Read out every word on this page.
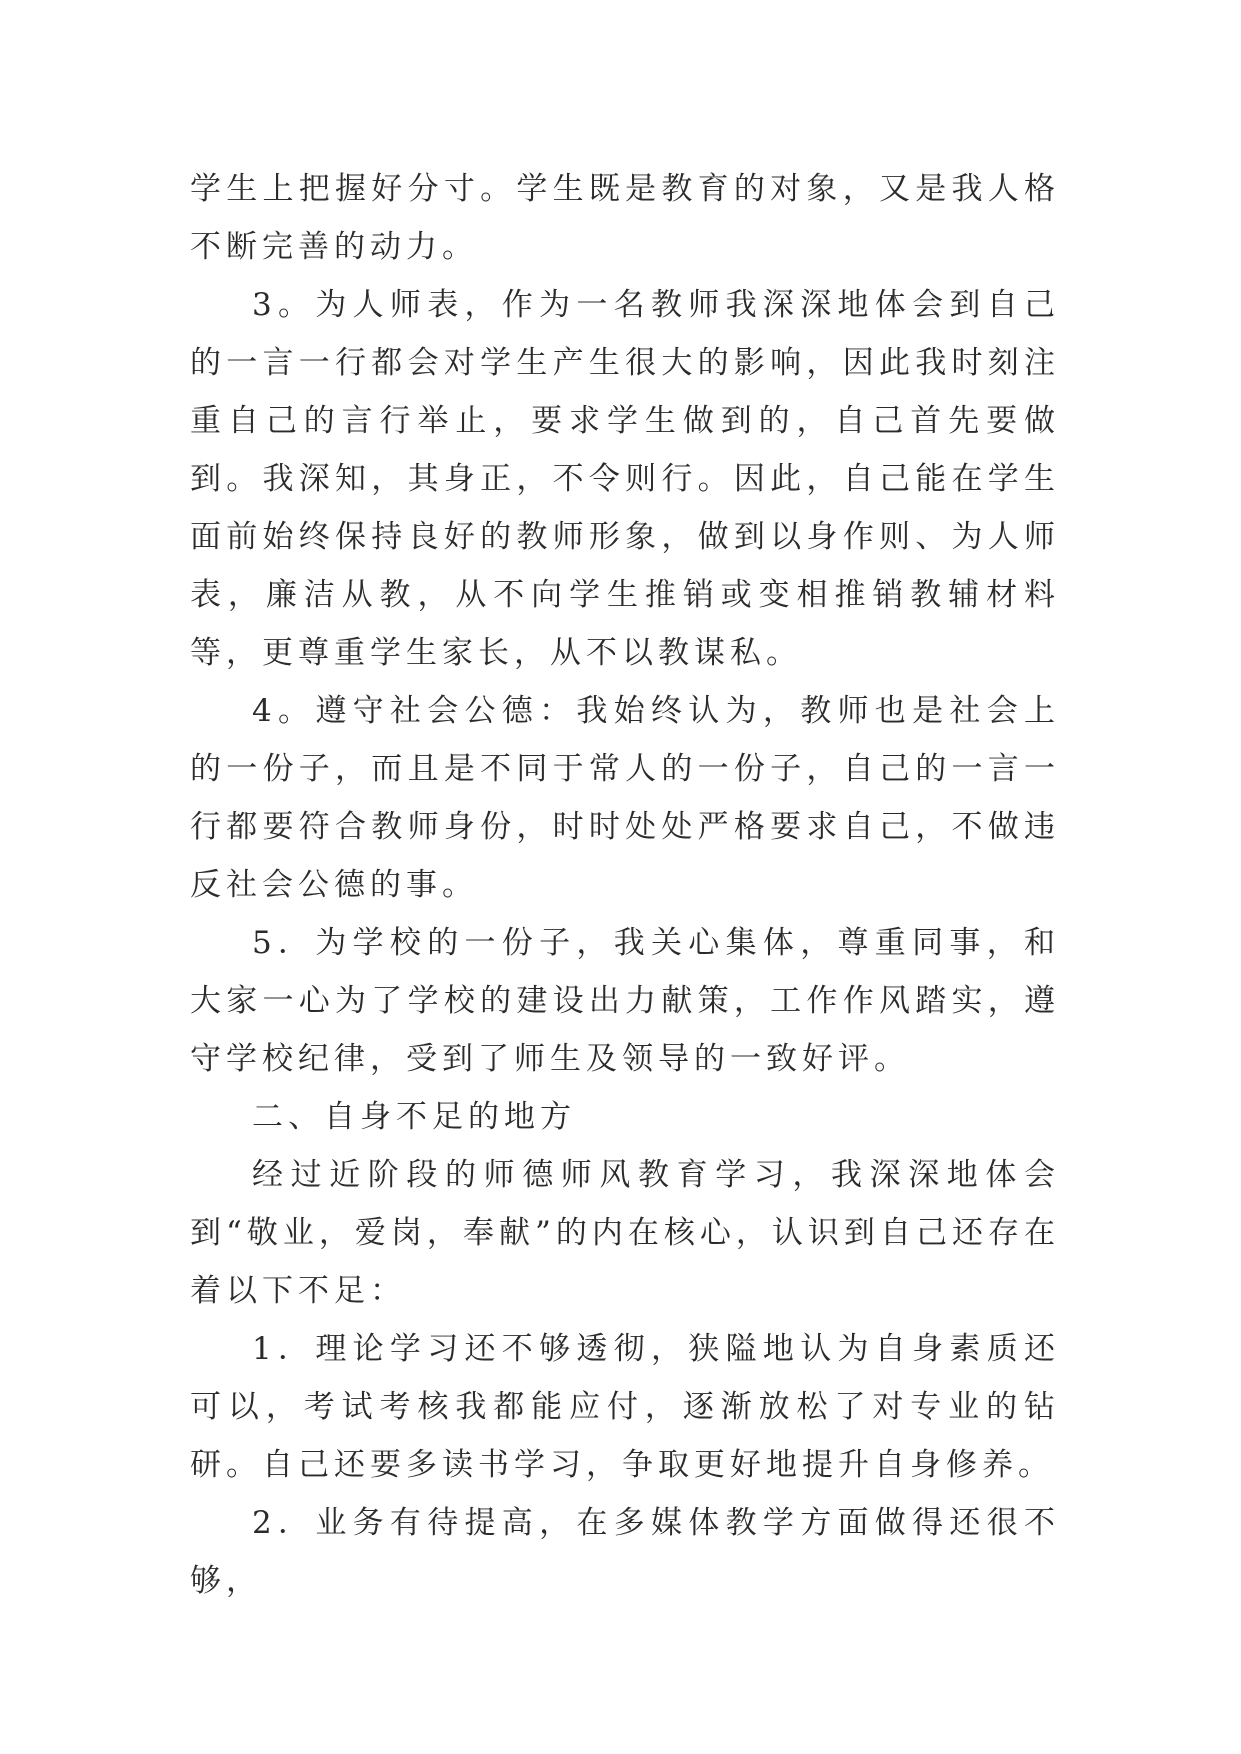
学生上把握好分寸。学生既是教育的对象，又是我人格不断完善的动力。

3。为人师表，作为一名教师我深深地体会到自己的一言一行都会对学生产生很大的影响，因此我时刻注重自己的言行举止，要求学生做到的，自己首先要做到。我深知，其身正，不令则行。因此，自己能在学生面前始终保持良好的教师形象，做到以身作则、为人师表，廉洁从教，从不向学生推销或变相推销教辅材料等，更尊重学生家长，从不以教谋私。

4。遵守社会公德：我始终认为，教师也是社会上的一份子，而且是不同于常人的一份子，自己的一言一行都要符合教师身份，时时处处严格要求自己，不做违反社会公德的事。

5．为学校的一份子，我关心集体，尊重同事，和大家一心为了学校的建设出力献策，工作作风踏实，遵守学校纪律，受到了师生及领导的一致好评。

二、自身不足的地方

经过近阶段的师德师风教育学习，我深深地体会到“敬业，爱岗，奉献”的内在核心，认识到自己还存在着以下不足：

1．理论学习还不够透彻，狭隘地认为自身素质还可以，考试考核我都能应付，逐渐放松了对专业的钻研。自己还要多读书学习，争取更好地提升自身修养。

2．业务有待提高，在多媒体教学方面做得还很不够，
